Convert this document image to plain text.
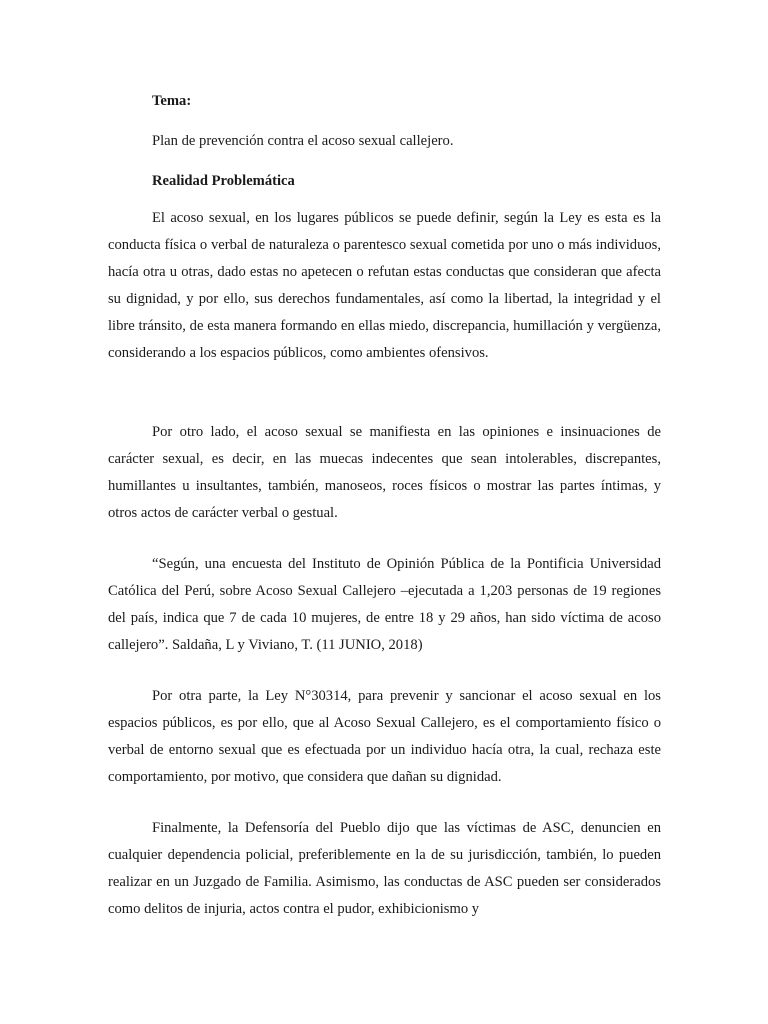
Tema:

Plan de prevención contra el acoso sexual callejero.

Realidad Problemática

El acoso sexual, en los lugares públicos se puede definir, según la Ley es esta es la conducta física o verbal de naturaleza o parentesco sexual cometida por uno o más individuos, hacía otra u otras, dado estas no apetecen o refutan estas conductas que consideran que afecta su dignidad, y por ello, sus derechos fundamentales, así como la libertad, la integridad y el libre tránsito, de esta manera formando en ellas miedo, discrepancia, humillación y vergüenza, considerando a los espacios públicos, como ambientes ofensivos.

Por otro lado, el acoso sexual se manifiesta en las opiniones e insinuaciones de carácter sexual, es decir, en las muecas indecentes que sean intolerables, discrepantes, humillantes u insultantes, también, manoseos, roces físicos o mostrar las partes íntimas, y otros actos de carácter verbal o gestual.

“Según, una encuesta del Instituto de Opinión Pública de la Pontificia Universidad Católica del Perú, sobre Acoso Sexual Callejero –ejecutada a 1,203 personas de 19 regiones del país, indica que 7 de cada 10 mujeres, de entre 18 y 29 años, han sido víctima de acoso callejero”. Saldaña, L y Viviano, T. (11 JUNIO, 2018)

Por otra parte, la Ley N°30314, para prevenir y sancionar el acoso sexual en los espacios públicos, es por ello, que al Acoso Sexual Callejero, es el comportamiento físico o verbal de entorno sexual que es efectuada por un individuo hacía otra, la cual, rechaza este comportamiento, por motivo, que considera que dañan su dignidad.

Finalmente, la Defensoría del Pueblo dijo que las víctimas de ASC, denuncien en cualquier dependencia policial, preferiblemente en la de su jurisdicción, también, lo pueden realizar en un Juzgado de Familia. Asimismo, las conductas de ASC pueden ser considerados como delitos de injuria, actos contra el pudor, exhibicionismo y
